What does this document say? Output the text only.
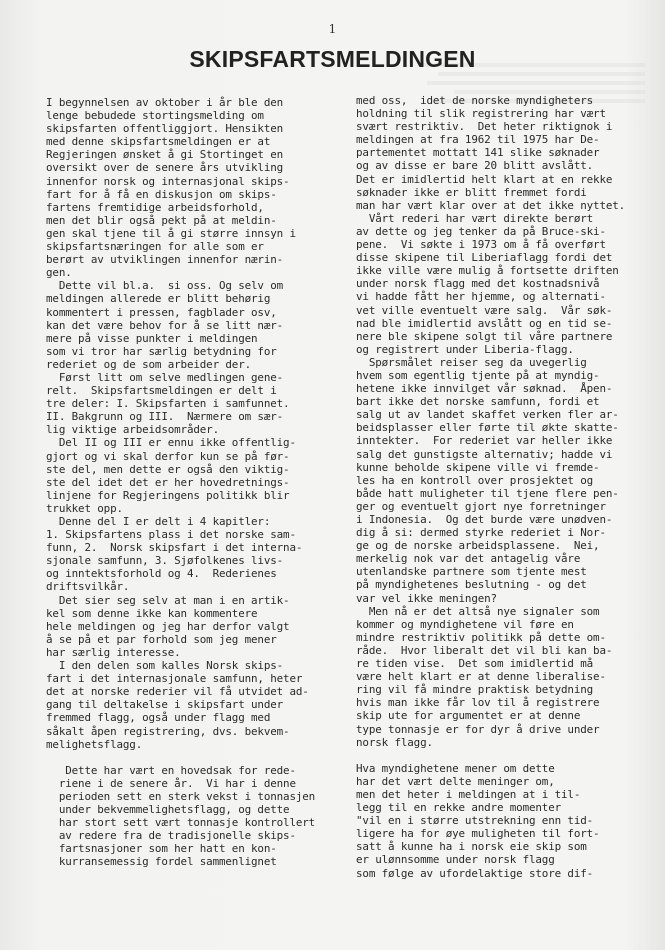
1
SKIPSFARTSMELDINGEN
I begynnelsen av oktober i år ble den
lenge bebudede stortingsmelding om
skipsfarten offentliggjort. Hensikten
med denne skipsfartsmeldingen er at
Regjeringen ønsket å gi Stortinget en
oversikt over de senere års utvikling
innenfor norsk og internasjonal skips-
fart for å få en diskusjon om skips-
fartens fremtidige arbeidsforhold,
men det blir også pekt på at meldin-
gen skal tjene til å gi større innsyn i
skipsfartsnæringen for alle som er
berørt av utviklingen innenfor nærin-
gen.
Dette vil bl.a.  si oss. Og selv om
meldingen allerede er blitt behørig
kommentert i pressen, fagblader osv,
kan det være behov for å se litt nær-
mere på visse punkter i meldingen
som vi tror har særlig betydning for
rederiet og de som arbeider der.
Først litt om selve medlingen gene-
relt.  Skipsfartsmeldingen er delt i
tre deler: I. Skipsfarten i samfunnet.
II. Bakgrunn og III.  Nærmere om sær-
lig viktige arbeidsområder.
Del II og III er ennu ikke offentlig-
gjort og vi skal derfor kun se på før-
ste del, men dette er også den viktig-
ste del idet det er her hovedretnings-
linjene for Regjeringens politikk blir
trukket opp.
Denne del I er delt i 4 kapitler:
1. Skipsfartens plass i det norske sam-
funn, 2.  Norsk skipsfart i det interna-
sjonale samfunn, 3. Sjøfolkenes livs-
og inntektsforhold og 4.  Rederienes
driftsvilkår.
Det sier seg selv at man i en artik-
kel som denne ikke kan kommentere
hele meldingen og jeg har derfor valgt
å se på et par forhold som jeg mener
har særlig interesse.
I den delen som kalles Norsk skips-
fart i det internasjonale samfunn, heter
det at norske rederier vil få utvidet ad-
gang til deltakelse i skipsfart under
fremmed flagg, også under flagg med
såkalt åpen registrering, dvs. bekvem-
melighetsflagg.
Dette har vært en hovedsak for rede-
rienе i de senere år.  Vi har i denne
perioden sett en sterk vekst i tonnasjen
under bekvemmelighetsflagg, og dette
har stort sett vært tonnasje kontrollert
av redere fra de tradisjonelle skips-
fartsnasjoner som her hatt en kon-
kurransemessig fordel sammenlignet
med oss,  idet de norske myndigheters
holdning til slik registrering har vært
svært restriktiv.  Det heter riktignok i
meldingen at fra 1962 til 1975 har De-
partementet mottatt 141 slike søknader
og av disse er bare 20 blitt avslått.
Det er imidlertid helt klart at en rekke
søknader ikke er blitt fremmet fordi
man har vært klar over at det ikke nyttet.
Vårt rederi har vært direkte berørt
av dette og jeg tenker da på Bruce-ski-
pene.  Vi søkte i 1973 om å få overført
disse skipene til Liberiaflagg fordi det
ikke ville være mulig å fortsette driften
under norsk flagg med det kostnadsnivå
vi hadde fått her hjemme, og alternati-
vet ville eventuelt være salg.  Vår søk-
nad ble imidlertid avslått og en tid se-
nere ble skipene solgt til våre partnere
og registrert under Liberia-flagg.
Spørsmålet reiser seg da uvegerlig
hvem som egentlig tjente på at myndig-
hetene ikke innvilget vår søknad.  Åpen-
bart ikke det norske samfunn, fordi et
salg ut av landet skaffet verken fler ar-
beidsplasser eller førte til økte skatte-
inntekter.  For rederiet var heller ikke
salg det gunstigste alternativ; hadde vi
kunne beholde skipene ville vi fremde-
les ha en kontroll over prosjektet og
både hatt muligheter til tjene flere pen-
ger og eventuelt gjort nye forretninger
i Indonesia.  Og det burde være unødven-
dig å si: dermed styrke rederiet i Nor-
ge og de norske arbeidsplassene.  Nei,
merkelig nok var det antagelig våre
utenlandske partnere som tjente mest
på myndighetenes beslutning - og det
var vel ikke meningen?
Men nå er det altså nye signaler som
kommer og myndighetene vil føre en
mindre restriktiv politikk på dette om-
råde.  Hvor liberalt det vil bli kan ba-
re tiden vise.  Det som imidlertid må
være helt klart er at denne liberalise-
ring vil få mindre praktisk betydning
hvis man ikke får lov til å registrere
skip ute for argumentet er at denne
type tonnasje er for dyr å drive under
norsk flagg.
Hva myndighetene mener om dette
har det vært delte meninger om,
men det heter i meldingen at i til-
legg til en rekke andre momenter
"vil en i større utstrekning enn tid-
ligere ha for øye muligheten til fort-
satt å kunne ha i norsk eie skip som
er ulønnsomme under norsk flagg
som følge av ufordelaktige store dif-
